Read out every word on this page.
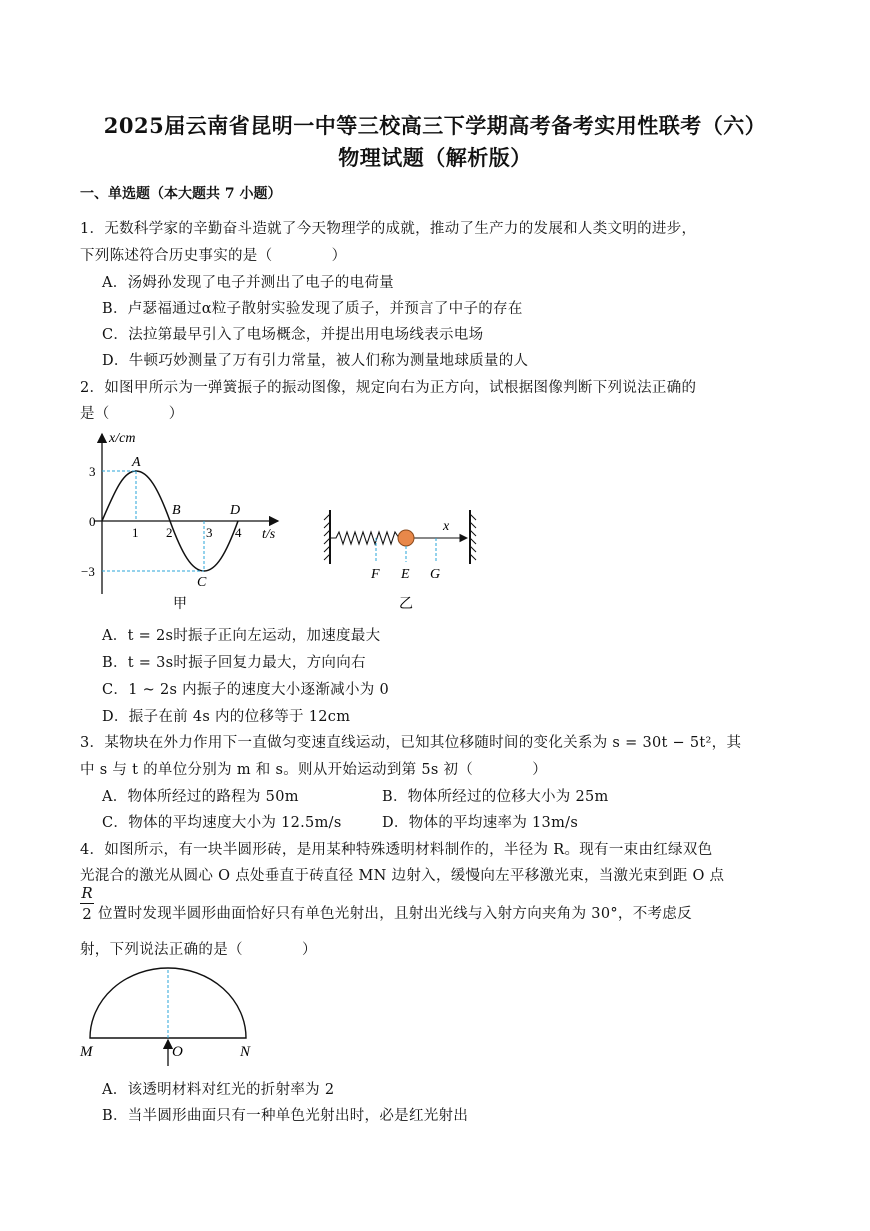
2025届云南省昆明一中等三校高三下学期高考备考实用性联考（六）
物理试题（解析版）
一、单选题（本大题共 7 小题）
1．无数科学家的辛勤奋斗造就了今天物理学的成就，推动了生产力的发展和人类文明的进步，
下列陈述符合历史事实的是（　　　　）
A．汤姆孙发现了电子并测出了电子的电荷量
B．卢瑟福通过α粒子散射实验发现了质子，并预言了中子的存在
C．法拉第最早引入了电场概念，并提出用电场线表示电场
D．牛顿巧妙测量了万有引力常量，被人们称为测量地球质量的人
2．如图甲所示为一弹簧振子的振动图像，规定向右为正方向，试根据图像判断下列说法正确的
是（　　　　）
x/cm
t/s
1 2	3 4
3
0
−3
A
B
C
D
甲
x
F E G
乙
A．t = 2s时振子正向左运动，加速度最大
B．t = 3s时振子回复力最大，方向向右
C．1 ~ 2s 内振子的速度大小逐渐减小为 0
D．振子在前 4s 内的位移等于 12cm
3．某物块在外力作用下一直做匀变速直线运动，已知其位移随时间的变化关系为 s = 30t − 5t²，其
中 s 与 t 的单位分别为 m 和 s。则从开始运动到第 5s 初（　　　　）
A．物体所经过的路程为 50m	B．物体所经过的位移大小为 25m
C．物体的平均速度大小为 12.5m/s	D．物体的平均速率为 13m/s
4．如图所示，有一块半圆形砖，是用某种特殊透明材料制作的，半径为 R。现有一束由红绿双色
光混合的激光从圆心 O 点处垂直于砖直径 MN 边射入，缓慢向左平移激光束，当激光束到距 O 点
R
2 位置时发现半圆形曲面恰好只有单色光射出，且射出光线与入射方向夹角为 30°，不考虑反
射，下列说法正确的是（　　　　）
M	O	N
A．该透明材料对红光的折射率为 2
B．当半圆形曲面只有一种单色光射出时，必是红光射出
